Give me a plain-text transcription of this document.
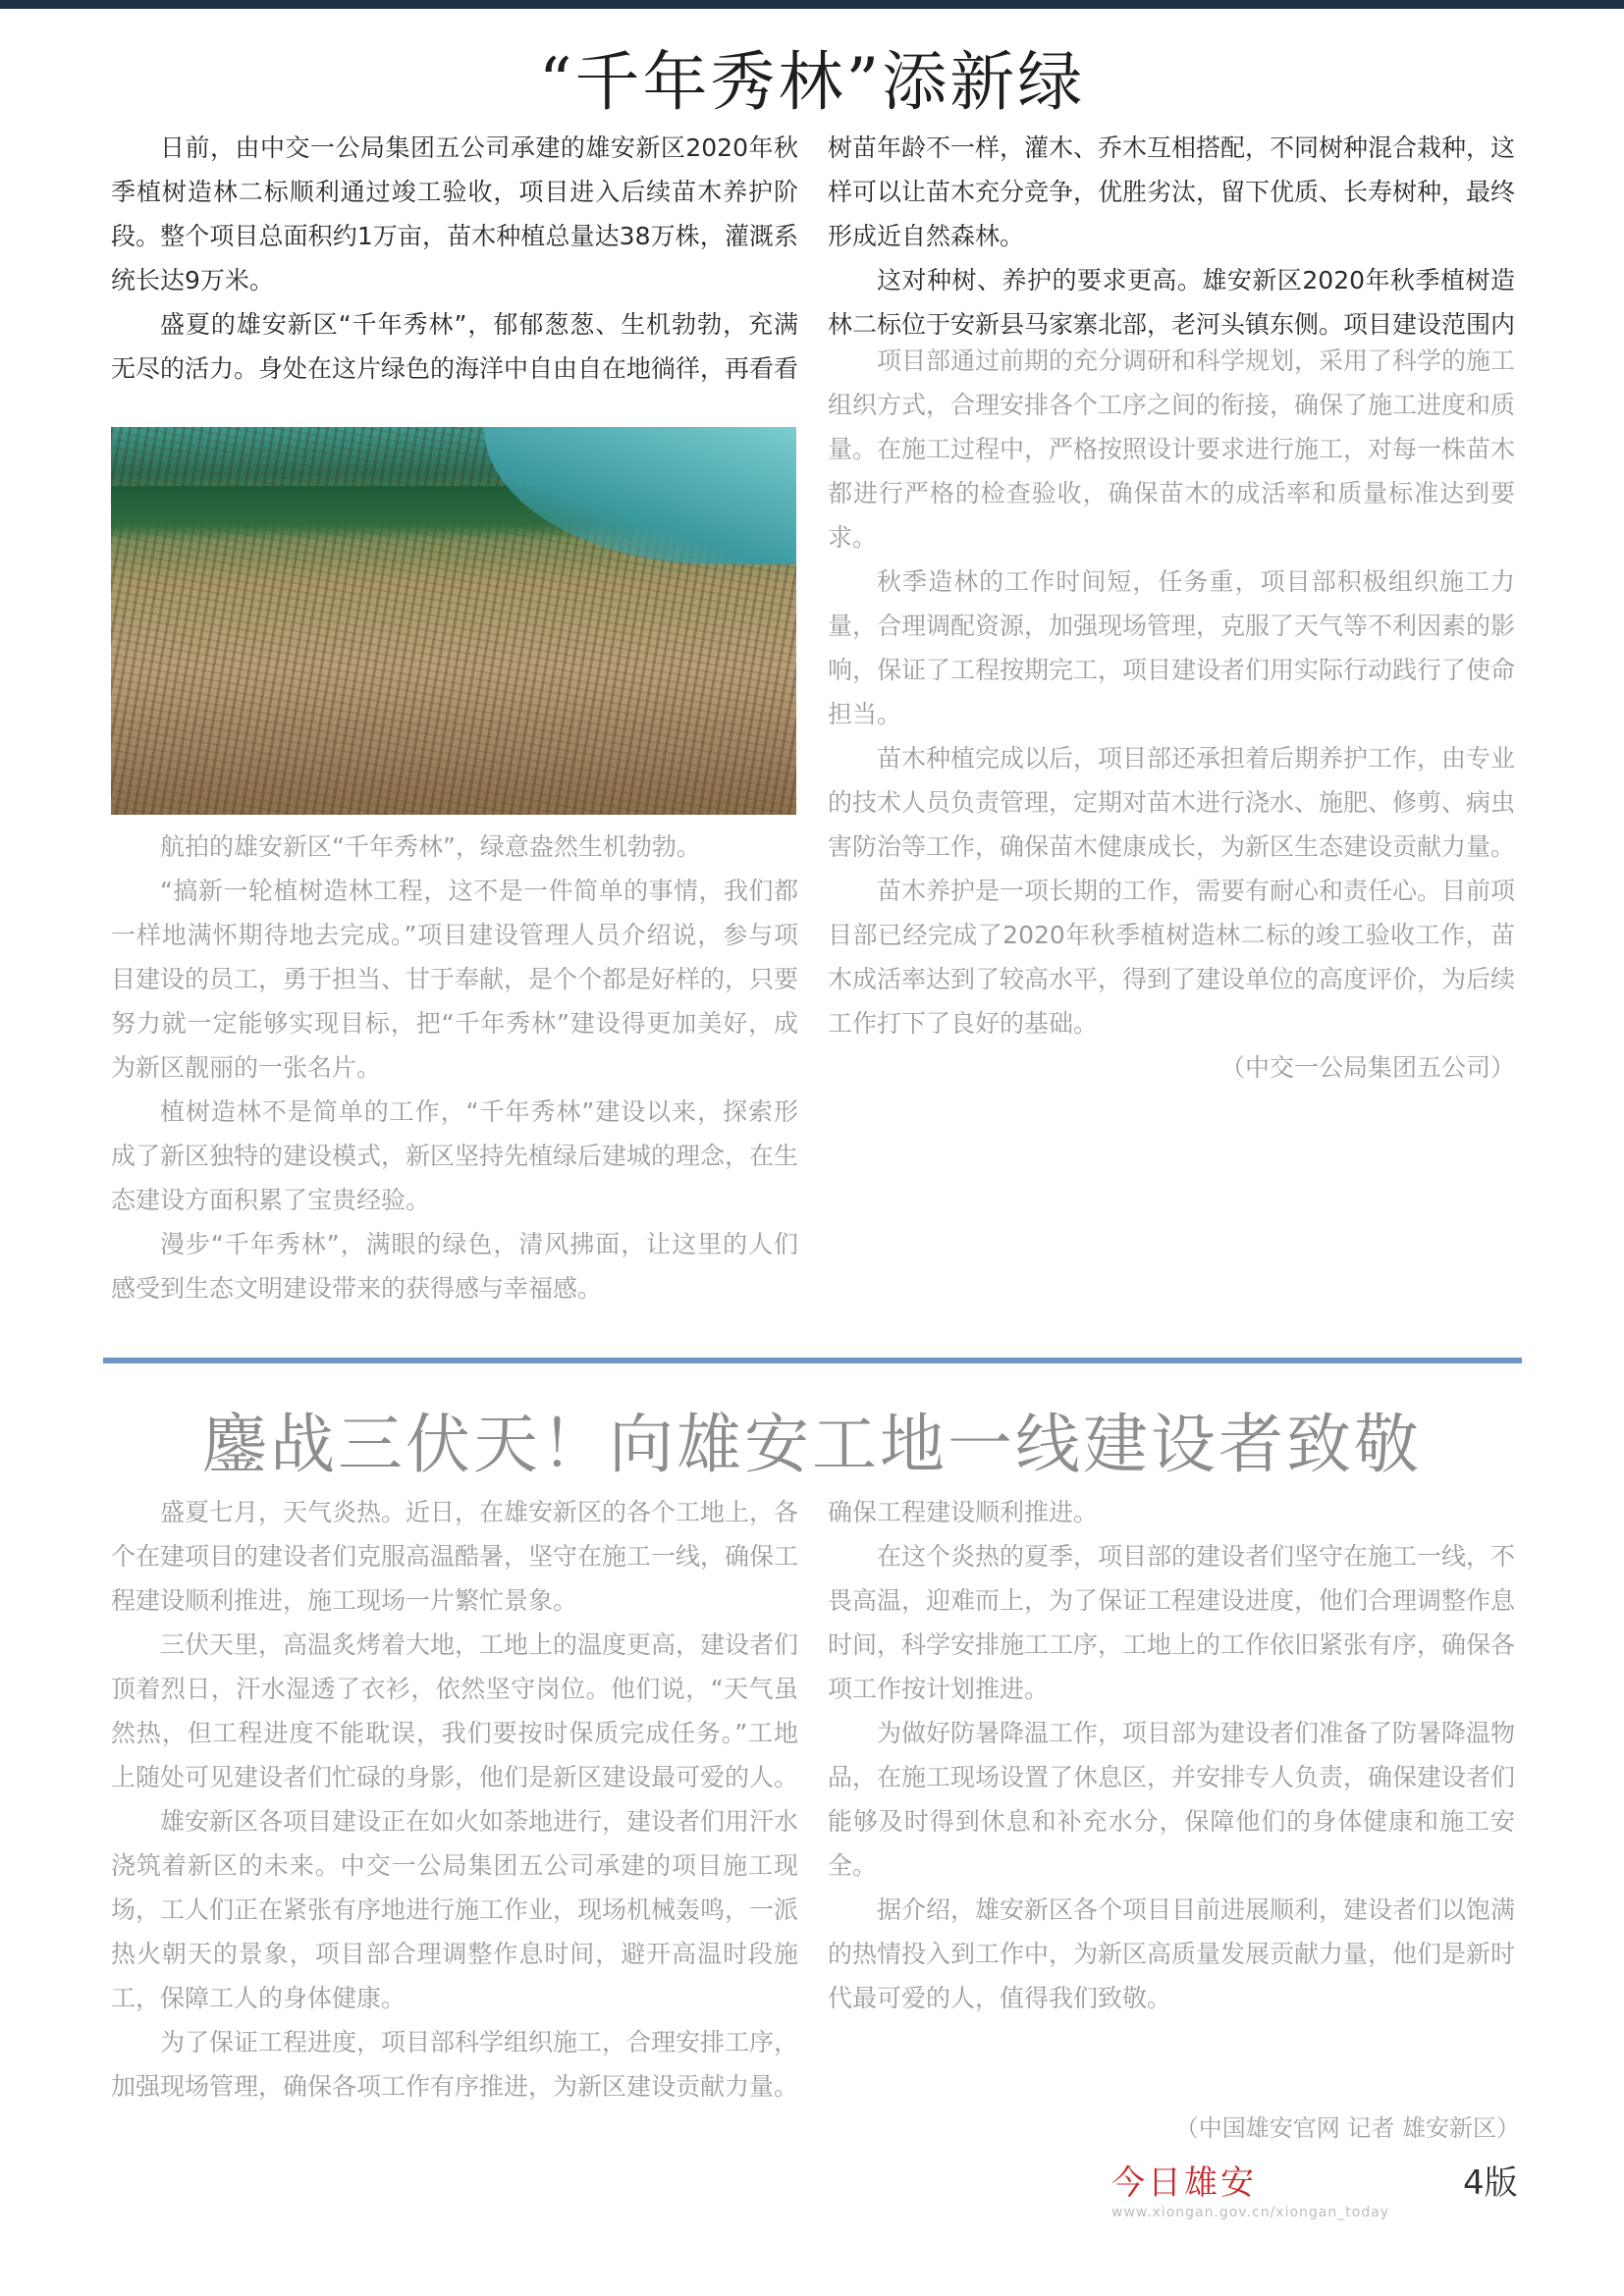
“千年秀林”添新绿

日前，由中交一公局集团五公司承建的雄安新区2020年秋季植树造林二标顺利通过竣工验收，项目进入后续苗木养护阶段。整个项目总面积约1万亩，苗木种植总量达38万株，灌溉系统长达9万米。

盛夏的雄安新区“千年秀林”，郁郁葱葱、生机勃勃，充满无尽的活力。身处在这片绿色的海洋中自由自在地徜徉，再看看

航拍的雄安新区“千年秀林”，绿意盎然生机勃勃。

“搞新一轮植树造林工程，这不是一件简单的事情，我们都一样地满怀期待地去完成。”项目建设管理人员介绍说，参与项目建设的员工，勇于担当、甘于奉献，是个个都是好样的，只要努力就一定能够实现目标，把“千年秀林”建设得更加美好，成为新区靓丽的一张名片。

植树造林不是简单的工作，“千年秀林”建设以来，探索形成了新区独特的建设模式，新区坚持先植绿后建城的理念，在生态建设方面积累了宝贵经验。

漫步“千年秀林”，满眼的绿色，清风拂面，让这里的人们感受到生态文明建设带来的获得感与幸福感。

树苗年龄不一样，灌木、乔木互相搭配，不同树种混合栽种，这样可以让苗木充分竞争，优胜劣汰，留下优质、长寿树种，最终形成近自然森林。

这对种树、养护的要求更高。雄安新区2020年秋季植树造林二标位于安新县马家寨北部，老河头镇东侧。项目建设范围内

项目部通过前期的充分调研和科学规划，采用了科学的施工组织方式，合理安排各个工序之间的衔接，确保了施工进度和质量。在施工过程中，严格按照设计要求进行施工，对每一株苗木都进行严格的检查验收，确保苗木的成活率和质量标准达到要求。

秋季造林的工作时间短，任务重，项目部积极组织施工力量，合理调配资源，加强现场管理，克服了天气等不利因素的影响，保证了工程按期完工，项目建设者们用实际行动践行了使命担当。

苗木种植完成以后，项目部还承担着后期养护工作，由专业的技术人员负责管理，定期对苗木进行浇水、施肥、修剪、病虫害防治等工作，确保苗木健康成长，为新区生态建设贡献力量。

苗木养护是一项长期的工作，需要有耐心和责任心。目前项目部已经完成了2020年秋季植树造林二标的竣工验收工作，苗木成活率达到了较高水平，得到了建设单位的高度评价，为后续工作打下了良好的基础。

（中交一公局集团五公司）

鏖战三伏天！向雄安工地一线建设者致敬

盛夏七月，天气炎热。近日，在雄安新区的各个工地上，各个在建项目的建设者们克服高温酷暑，坚守在施工一线，确保工程建设顺利推进，施工现场一片繁忙景象。

三伏天里，高温炙烤着大地，工地上的温度更高，建设者们顶着烈日，汗水湿透了衣衫，依然坚守岗位。他们说，“天气虽然热，但工程进度不能耽误，我们要按时保质完成任务。”工地上随处可见建设者们忙碌的身影，他们是新区建设最可爱的人。

雄安新区各项目建设正在如火如荼地进行，建设者们用汗水浇筑着新区的未来。中交一公局集团五公司承建的项目施工现场，工人们正在紧张有序地进行施工作业，现场机械轰鸣，一派热火朝天的景象，项目部合理调整作息时间，避开高温时段施工，保障工人的身体健康。

为了保证工程进度，项目部科学组织施工，合理安排工序，加强现场管理，确保各项工作有序推进，为新区建设贡献力量。

确保工程建设顺利推进。

在这个炎热的夏季，项目部的建设者们坚守在施工一线，不畏高温，迎难而上，为了保证工程建设进度，他们合理调整作息时间，科学安排施工工序，工地上的工作依旧紧张有序，确保各项工作按计划推进。

为做好防暑降温工作，项目部为建设者们准备了防暑降温物品，在施工现场设置了休息区，并安排专人负责，确保建设者们能够及时得到休息和补充水分，保障他们的身体健康和施工安全。

据介绍，雄安新区各个项目目前进展顺利，建设者们以饱满的热情投入到工作中，为新区高质量发展贡献力量，他们是新时代最可爱的人，值得我们致敬。

（中国雄安官网 记者 雄安新区）
今日雄安	4版
www.xiongan.gov.cn/xiongan_today
